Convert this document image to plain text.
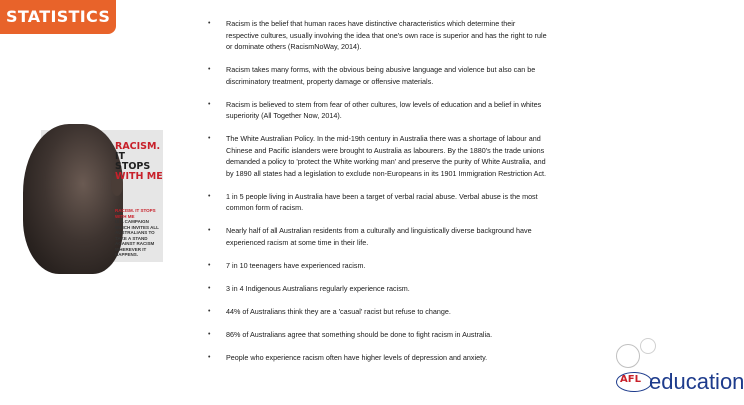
STATISTICS
RACISM.
IT STOPS
WITH ME
RACISM. IT STOPS WITH ME
IS A CAMPAIGN WHICH INVITES ALL AUSTRALIANS TO TAKE A STAND AGAINST RACISM
WHEREVER IT HAPPENS.
• Racism is the belief that human races have distinctive characteristics which determine their respective cultures, usually involving the idea that one's own race is superior and has the right to rule or dominate others (RacismNoWay, 2014).
• Racism takes many forms, with the obvious being abusive language and violence but also can be discriminatory treatment, property damage or offensive materials.
• Racism is believed to stem from fear of other cultures, low levels of education and a belief in whites superiority (All Together Now, 2014).
• The White Australian Policy. In the mid-19th century in Australia there was a shortage of labour and Chinese and Pacific islanders were brought to Australia as labourers. By the 1880's the trade unions demanded a policy to 'protect the White working man' and preserve the purity of White Australia, and by 1890 all states had a legislation to exclude non-Europeans in its 1901 Immigration Restriction Act.
• 1 in 5 people living in Australia have been a target of verbal racial abuse. Verbal abuse is the most common form of racism.
• Nearly half of all Australian residents from a culturally and linguistically diverse background have experienced racism at some time in their life.
• 7 in 10 teenagers have experienced racism.
• 3 in 4 Indigenous Australians regularly experience racism.
• 44% of Australians think they are a 'casual' racist but refuse to change.
• 86% of Australians agree that something should be done to fight racism in Australia.
• People who experience racism often have higher levels of depression and anxiety.
AFL education
